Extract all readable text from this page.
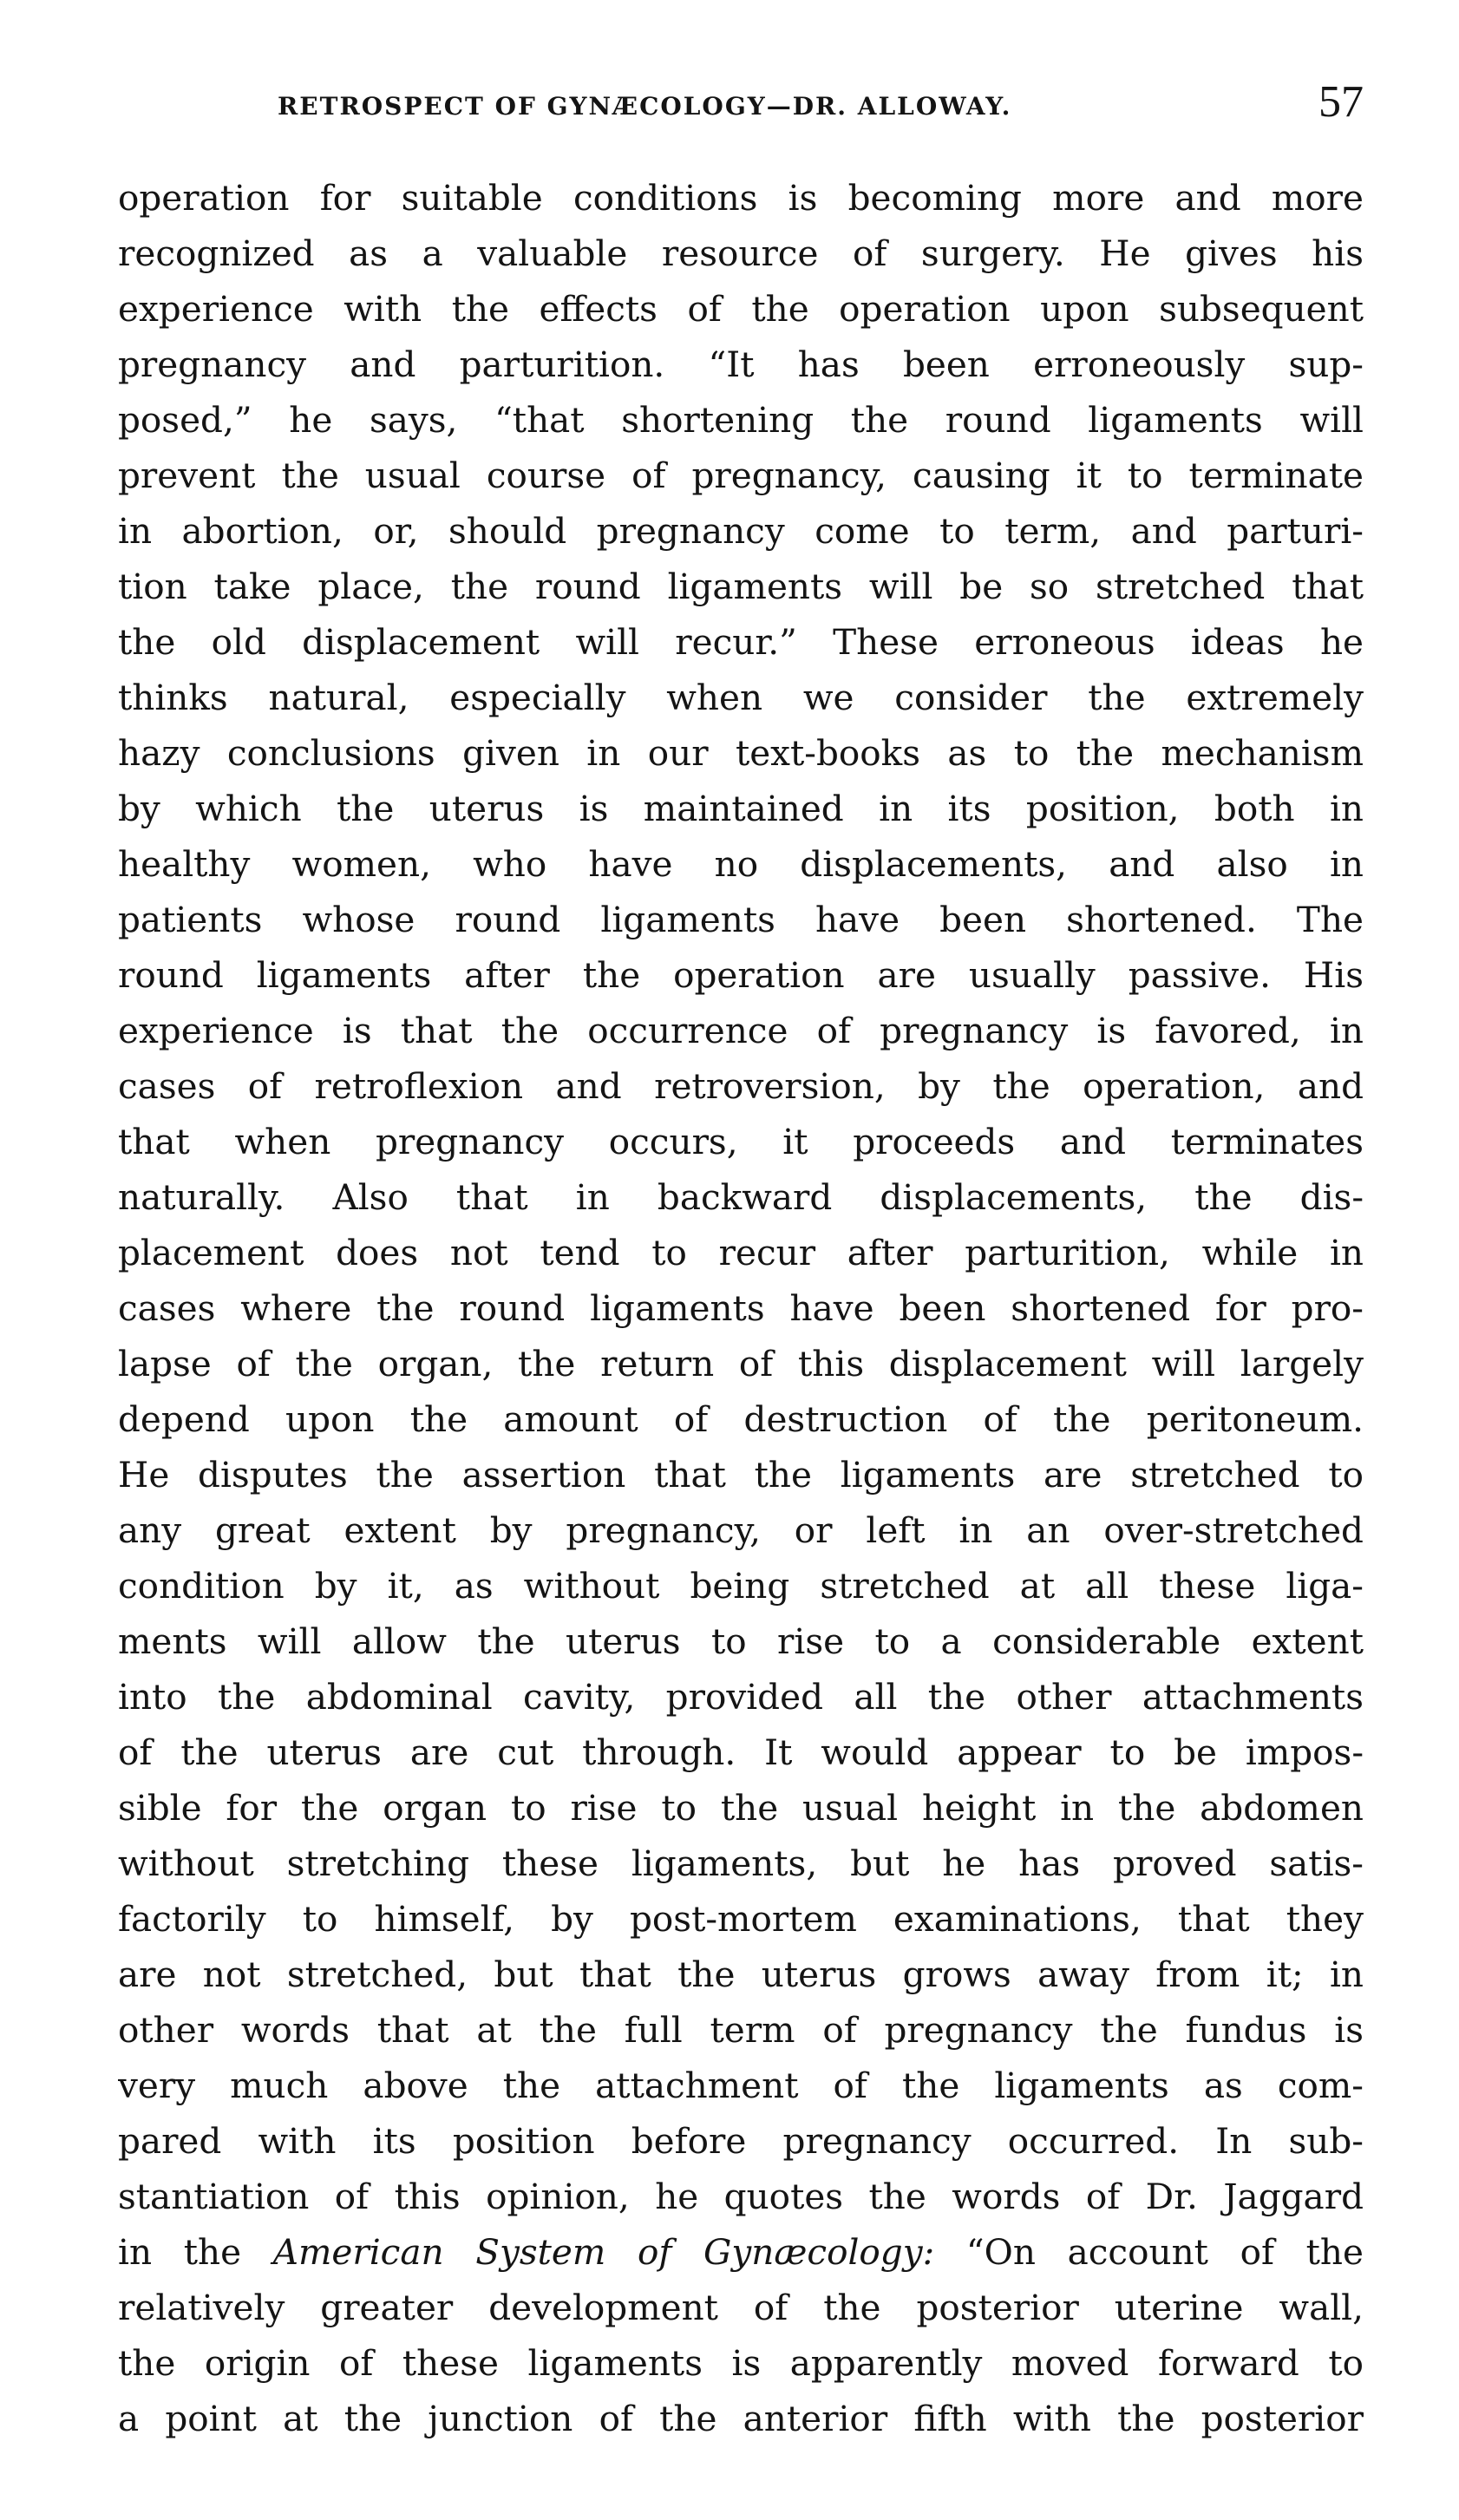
RETROSPECT OF GYNÆCOLOGY—DR. ALLOWAY.	57
operation for suitable conditions is becoming more and more
recognized as a valuable resource of surgery. He gives his
experience with the effects of the operation upon subsequent
pregnancy and parturition. “It has been erroneously sup-
posed,” he says, “that shortening the round ligaments will
prevent the usual course of pregnancy, causing it to terminate
in abortion, or, should pregnancy come to term, and parturi-
tion take place, the round ligaments will be so stretched that
the old displacement will recur.” These erroneous ideas he
thinks natural, especially when we consider the extremely
hazy conclusions given in our text-books as to the mechanism
by which the uterus is maintained in its position, both in
healthy women, who have no displacements, and also in
patients whose round ligaments have been shortened. The
round ligaments after the operation are usually passive. His
experience is that the occurrence of pregnancy is favored, in
cases of retroflexion and retroversion, by the operation, and
that when pregnancy occurs, it proceeds and terminates
naturally. Also that in backward displacements, the dis-
placement does not tend to recur after parturition, while in
cases where the round ligaments have been shortened for pro-
lapse of the organ, the return of this displacement will largely
depend upon the amount of destruction of the peritoneum.
He disputes the assertion that the ligaments are stretched to
any great extent by pregnancy, or left in an over-stretched
condition by it, as without being stretched at all these liga-
ments will allow the uterus to rise to a considerable extent
into the abdominal cavity, provided all the other attachments
of the uterus are cut through. It would appear to be impos-
sible for the organ to rise to the usual height in the abdomen
without stretching these ligaments, but he has proved satis-
factorily to himself, by post-mortem examinations, that they
are not stretched, but that the uterus grows away from it; in
other words that at the full term of pregnancy the fundus is
very much above the attachment of the ligaments as com-
pared with its position before pregnancy occurred. In sub-
stantiation of this opinion, he quotes the words of Dr. Jaggard
in the American System of Gynæcology: “On account of the
relatively greater development of the posterior uterine wall,
the origin of these ligaments is apparently moved forward to
a point at the junction of the anterior fifth with the posterior
